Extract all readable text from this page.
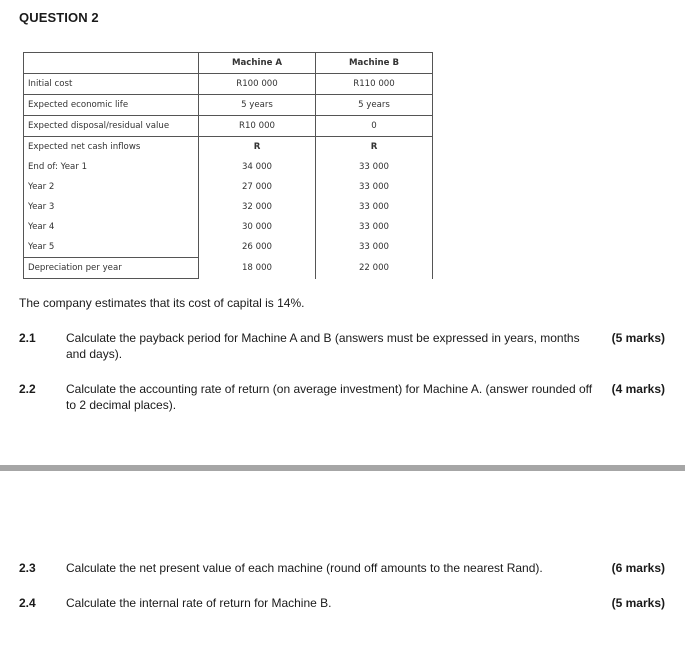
QUESTION 2
	Machine A	Machine B
Initial cost	R100 000	R110 000
Expected economic life	5 years	5 years
Expected disposal/residual value	R10 000	0
Expected net cash inflows	R	R
End of: Year 1	34 000	33 000
Year 2	27 000	33 000
Year 3	32 000	33 000
Year 4	30 000	33 000
Year 5	26 000	33 000
Depreciation per year	18 000	22 000
The company estimates that its cost of capital is 14%.
2.1	Calculate the payback period for Machine A and B (answers must be expressed in years, months and days).
(5 marks)
2.2	Calculate the accounting rate of return (on average investment) for Machine A. (answer rounded off to 2 decimal places).
(4 marks)
2.3	Calculate the net present value of each machine (round off amounts to the nearest Rand).	(6 marks)
2.4	Calculate the internal rate of return for Machine B.	(5 marks)
